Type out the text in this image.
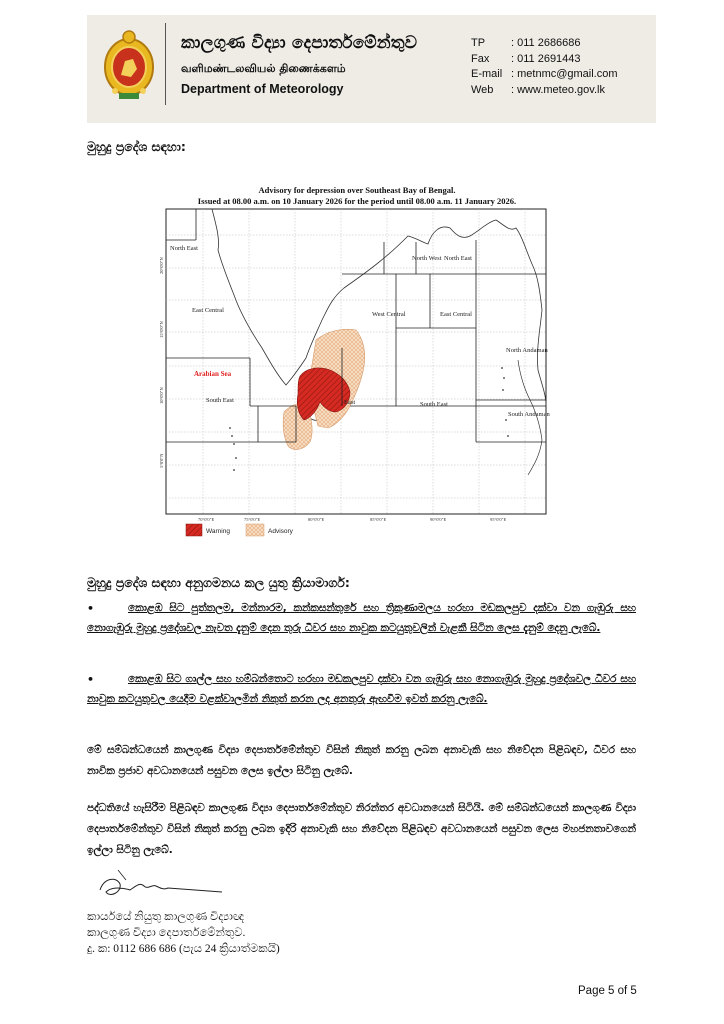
කාලගුණ විද්‍යා දෙපාර්තමේන්තුව
வளிமண்டலவியல் திணைக்களம்
Department of Meteorology
TP	: 011 2686686
Fax	: 011 2691443
E-mail : metnmc@gmail.com
Web	: www.meteo.gov.lk
මුහුදු ප්‍රදේශ සඳහා:
North East
East Central
North West North East
West Central	East Central
North Andaman
South East	East	South East
South Andaman
Arabian Sea
70°0'0"E	75°0'0"E	80°0'0"E	85°0'0"E	90°0'0"E	95°0'0"E
20°0'0"N
15°0'0"N
10°0'0"N
5°0'0"N
Warning	Advisory
Advisory for depression over Southeast Bay of Bengal.
Issued at 08.00 a.m. on 10 January 2026 for the period until 08.00 a.m. 11 January 2026.
මුහුදු ප්‍රදේශ සඳහා අනුගමනය කල යුතු ක්‍රියාමාර්ග:
•	කොළඹ සිට පුත්තලම, මන්නාරම, කන්කසන්තුරේ සහ ත්‍රිකුණාමලය හරහා මඩකලපුව දක්වා වන ගැඹුරු සහ නොගැඹුරු මුහුදු ප්‍රදේශවල නැවත දැනුම් දෙන තුරු ධීවර සහ නාවුක කටයුතුවලින් වැළකී සිටින ලෙස දැනුම් දෙනු ලැබේ.
•	කොළඹ සිට ගාල්ල සහ හම්බන්තොට හරහා මඩකලපුව දක්වා වන ගැඹුරු සහ නොගැඹුරු මුහුදු ප්‍රදේශවල ධීවර සහ නාවුක කටයුතුවල යෙදීම වළක්වාලමින් නිකුත් කරන ලද අනතුරු ඇඟවීම ඉවත් කරනු ලැබේ.
මේ සම්බන්ධයෙන් කාලගුණ විද්‍යා දෙපාර්තමේන්තුව විසින් නිකුත් කරනු ලබන අනාවැකි සහ නිවේදන පිළිබඳව, ධීවර සහ නාවික ප්‍රජාව අවධානයෙන් පසුවන ලෙස ඉල්ලා සිටිනු ලැබේ.
පද්ධතියේ හැසිරීම පිළිබඳව කාලගුණ විද්‍යා දෙපාර්තමේන්තුව නිරන්තර අවධානයෙන් සිටියි. මේ සම්බන්ධයෙන් කාලගුණ විද්‍යා දෙපාර්තමේන්තුව විසින් නිකුත් කරනු ලබන ඉදිරි අනාවැකි සහ නිවේදන පිළිබඳව අවධානයෙන් පසුවන ලෙස මහජනතාවගෙන් ඉල්ලා සිටිනු ලැබේ.
කාර්යයේ නියුතු කාලගුණ විද්‍යාඥ
කාලගුණ විද්‍යා දෙපාර්තමේන්තුව.
දු. ක: 0112 686 686 (පැය 24 ක්‍රියාත්මකයි)
Page 5 of 5
